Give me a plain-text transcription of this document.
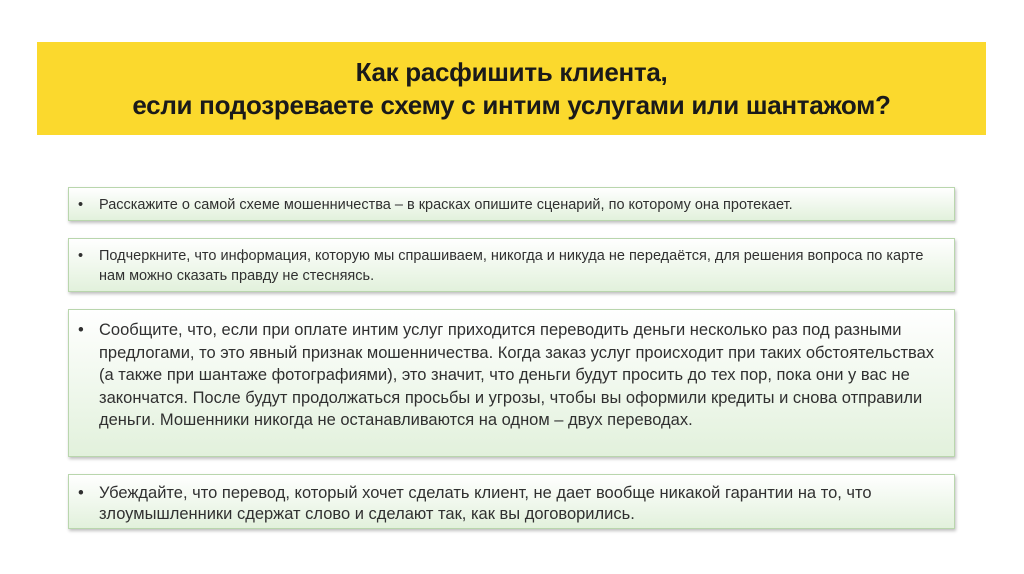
Как расфишить клиента,
если подозреваете схему с интим услугами или шантажом?
• Расскажите о самой схеме мошенничества – в красках опишите сценарий, по которому она протекает.
• Подчеркните, что информация, которую мы спрашиваем, никогда и никуда не передаётся, для решения вопроса по карте нам можно сказать правду не стесняясь.
• Сообщите, что, если при оплате интим услуг приходится переводить деньги несколько раз под разными предлогами, то это явный признак мошенничества. Когда заказ услуг происходит при таких обстоятельствах (а также при шантаже фотографиями), это значит, что деньги будут просить до тех пор, пока они у вас не закончатся. После будут продолжаться просьбы и угрозы, чтобы вы оформили кредиты и снова отправили деньги. Мошенники никогда не останавливаются на одном – двух переводах.
• Убеждайте, что перевод, который хочет сделать клиент, не дает вообще никакой гарантии на то, что злоумышленники сдержат слово и сделают так, как вы договорились.
